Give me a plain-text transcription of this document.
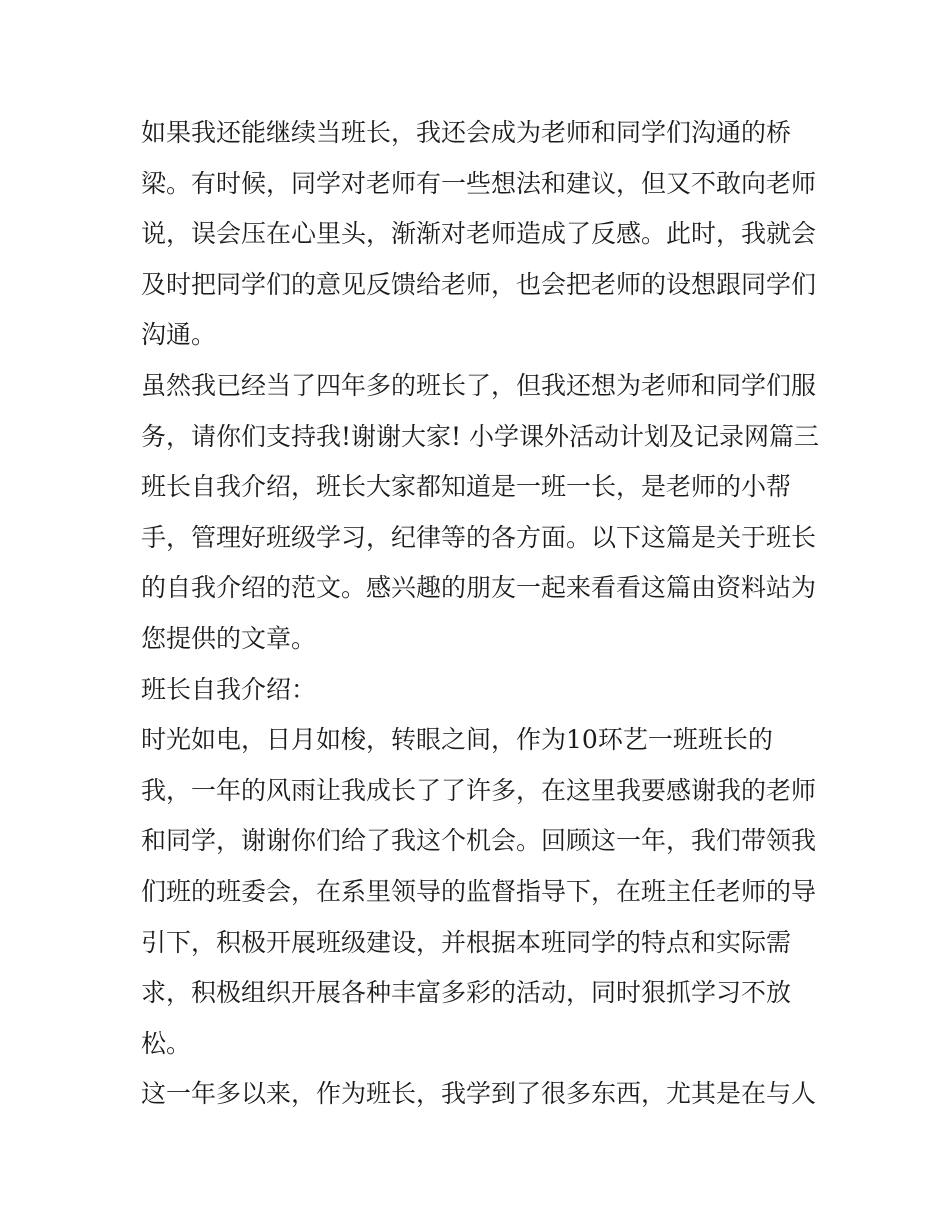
如果我还能继续当班长，我还会成为老师和同学们沟通的桥
梁。有时候，同学对老师有一些想法和建议，但又不敢向老师
说，误会压在心里头，渐渐对老师造成了反感。此时，我就会
及时把同学们的意见反馈给老师，也会把老师的设想跟同学们
沟通。
虽然我已经当了四年多的班长了，但我还想为老师和同学们服
务，请你们支持我!谢谢大家! 小学课外活动计划及记录网篇三
班长自我介绍，班长大家都知道是一班一长，是老师的小帮
手，管理好班级学习，纪律等的各方面。以下这篇是关于班长
的自我介绍的范文。感兴趣的朋友一起来看看这篇由资料站为
您提供的文章。
班长自我介绍：
时光如电，日月如梭，转眼之间，作为10环艺一班班长的
我，一年的风雨让我成长了了许多，在这里我要感谢我的老师
和同学，谢谢你们给了我这个机会。回顾这一年，我们带领我
们班的班委会，在系里领导的监督指导下，在班主任老师的导
引下，积极开展班级建设，并根据本班同学的特点和实际需
求，积极组织开展各种丰富多彩的活动，同时狠抓学习不放
松。
这一年多以来，作为班长，我学到了很多东西，尤其是在与人
